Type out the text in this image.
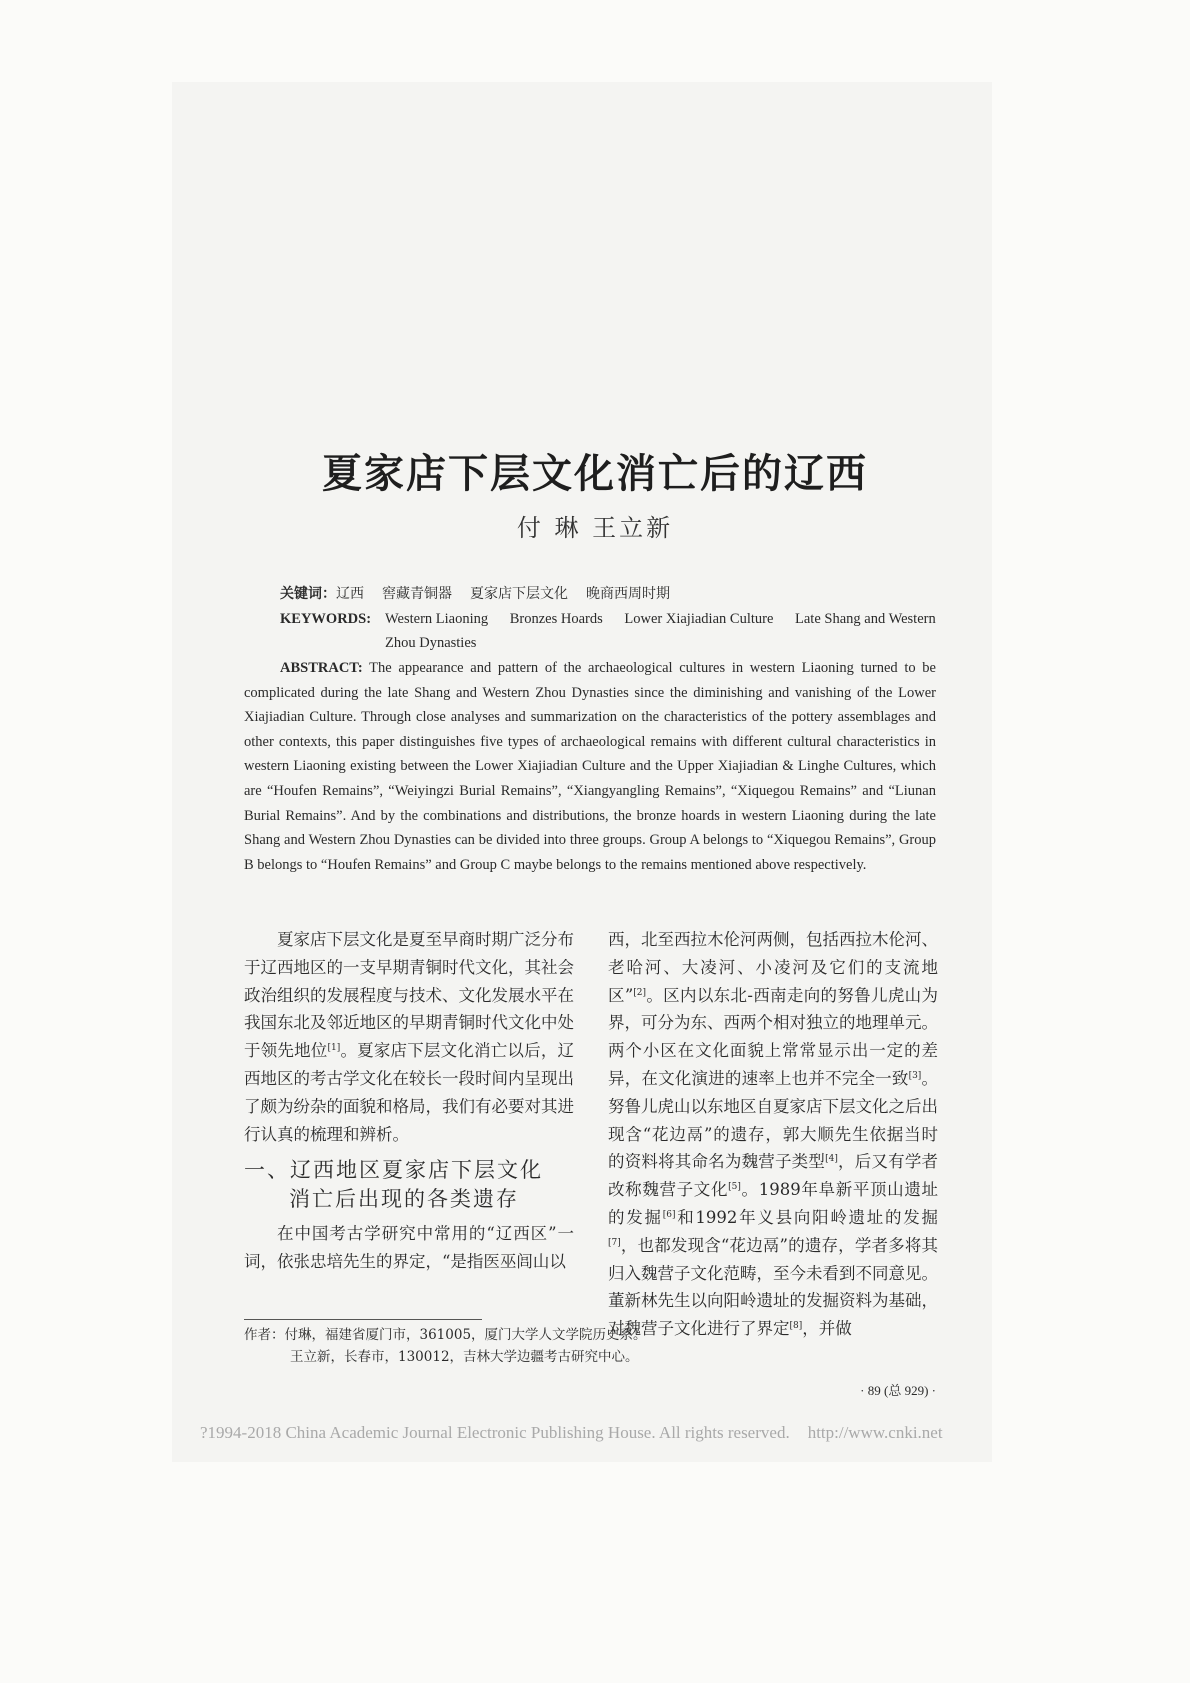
夏家店下层文化消亡后的辽西
付 琳 王立新
关键词：辽西 窖藏青铜器 夏家店下层文化 晚商西周时期
KEYWORDS: Western Liaoning Bronzes Hoards Lower Xiajiadian Culture Late Shang and Western Zhou Dynasties

ABSTRACT: The appearance and pattern of the archaeological cultures in western Liaoning turned to be complicated during the late Shang and Western Zhou Dynasties since the diminishing and vanishing of the Lower Xiajiadian Culture. Through close analyses and summarization on the characteristics of the pottery assemblages and other contexts, this paper distinguishes five types of archaeological remains with different cultural characteristics in western Liaoning existing between the Lower Xiajiadian Culture and the Upper Xiajiadian & Linghe Cultures, which are “Houfen Remains”, “Weiyingzi Burial Remains”, “Xiangyangling Remains”, “Xiquegou Remains” and “Liunan Burial Remains”. And by the combinations and distributions, the bronze hoards in western Liaoning during the late Shang and Western Zhou Dynasties can be divided into three groups. Group A belongs to “Xiquegou Remains”, Group B belongs to “Houfen Remains” and Group C maybe belongs to the remains mentioned above respectively.

夏家店下层文化是夏至早商时期广泛分布于辽西地区的一支早期青铜时代文化，其社会政治组织的发展程度与技术、文化发展水平在我国东北及邻近地区的早期青铜时代文化中处于领先地位[1]。夏家店下层文化消亡以后，辽西地区的考古学文化在较长一段时间内呈现出了颇为纷杂的面貌和格局，我们有必要对其进行认真的梳理和辨析。

一、辽西地区夏家店下层文化
消亡后出现的各类遗存

在中国考古学研究中常用的“辽西区”一词，依张忠培先生的界定，“是指医巫闾山以

作者：付琳，福建省厦门市，361005，厦门大学人文学院历史系。
王立新，长春市，130012，吉林大学边疆考古研究中心。
· 89 (总 929) ·
?1994-2018 China Academic Journal Electronic Publishing House. All rights reserved. http://www.cnki.net

西，北至西拉木伦河两侧，包括西拉木伦河、老哈河、大凌河、小凌河及它们的支流地区”[2]。区内以东北-西南走向的努鲁儿虎山为界，可分为东、西两个相对独立的地理单元。两个小区在文化面貌上常常显示出一定的差异，在文化演进的速率上也并不完全一致[3]。努鲁儿虎山以东地区自夏家店下层文化之后出现含“花边鬲”的遗存，郭大顺先生依据当时的资料将其命名为魏营子类型[4]，后又有学者改称魏营子文化[5]。1989年阜新平顶山遗址的发掘[6]和1992年义县向阳岭遗址的发掘[7]，也都发现含“花边鬲”的遗存，学者多将其归入魏营子文化范畴，至今未看到不同意见。董新林先生以向阳岭遗址的发掘资料为基础，对魏营子文化进行了界定[8]，并做
